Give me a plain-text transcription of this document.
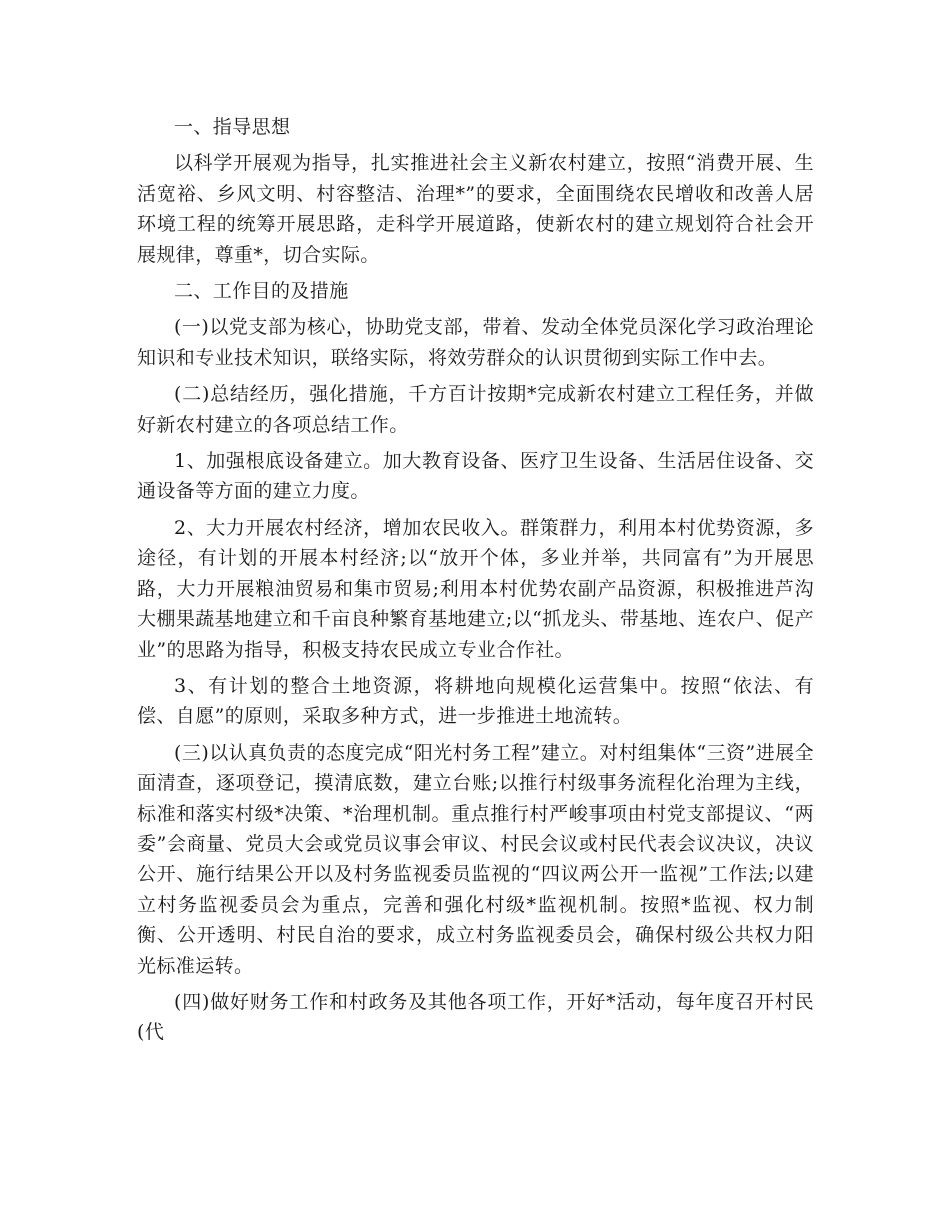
一、指导思想

以科学开展观为指导，扎实推进社会主义新农村建立，按照“消费开展、生活宽裕、乡风文明、村容整洁、治理*”的要求，全面围绕农民增收和改善人居环境工程的统筹开展思路，走科学开展道路，使新农村的建立规划符合社会开展规律，尊重*，切合实际。

二、工作目的及措施

(一)以党支部为核心，协助党支部，带着、发动全体党员深化学习政治理论知识和专业技术知识，联络实际，将效劳群众的认识贯彻到实际工作中去。

(二)总结经历，强化措施，千方百计按期*完成新农村建立工程任务，并做好新农村建立的各项总结工作。

1、加强根底设备建立。加大教育设备、医疗卫生设备、生活居住设备、交通设备等方面的建立力度。

2、大力开展农村经济，增加农民收入。群策群力，利用本村优势资源，多途径，有计划的开展本村经济;以“放开个体，多业并举，共同富有”为开展思路，大力开展粮油贸易和集市贸易;利用本村优势农副产品资源，积极推进芦沟大棚果蔬基地建立和千亩良种繁育基地建立;以“抓龙头、带基地、连农户、促产业”的思路为指导，积极支持农民成立专业合作社。

3、有计划的整合土地资源，将耕地向规模化运营集中。按照“依法、有偿、自愿”的原则，采取多种方式，进一步推进土地流转。

(三)以认真负责的态度完成“阳光村务工程”建立。对村组集体“三资”进展全面清查，逐项登记，摸清底数，建立台账;以推行村级事务流程化治理为主线，标准和落实村级*决策、*治理机制。重点推行村严峻事项由村党支部提议、“两委”会商量、党员大会或党员议事会审议、村民会议或村民代表会议决议，决议公开、施行结果公开以及村务监视委员监视的“四议两公开一监视”工作法;以建立村务监视委员会为重点，完善和强化村级*监视机制。按照*监视、权力制衡、公开透明、村民自治的要求，成立村务监视委员会，确保村级公共权力阳光标准运转。

(四)做好财务工作和村政务及其他各项工作，开好*活动，每年度召开村民(代
